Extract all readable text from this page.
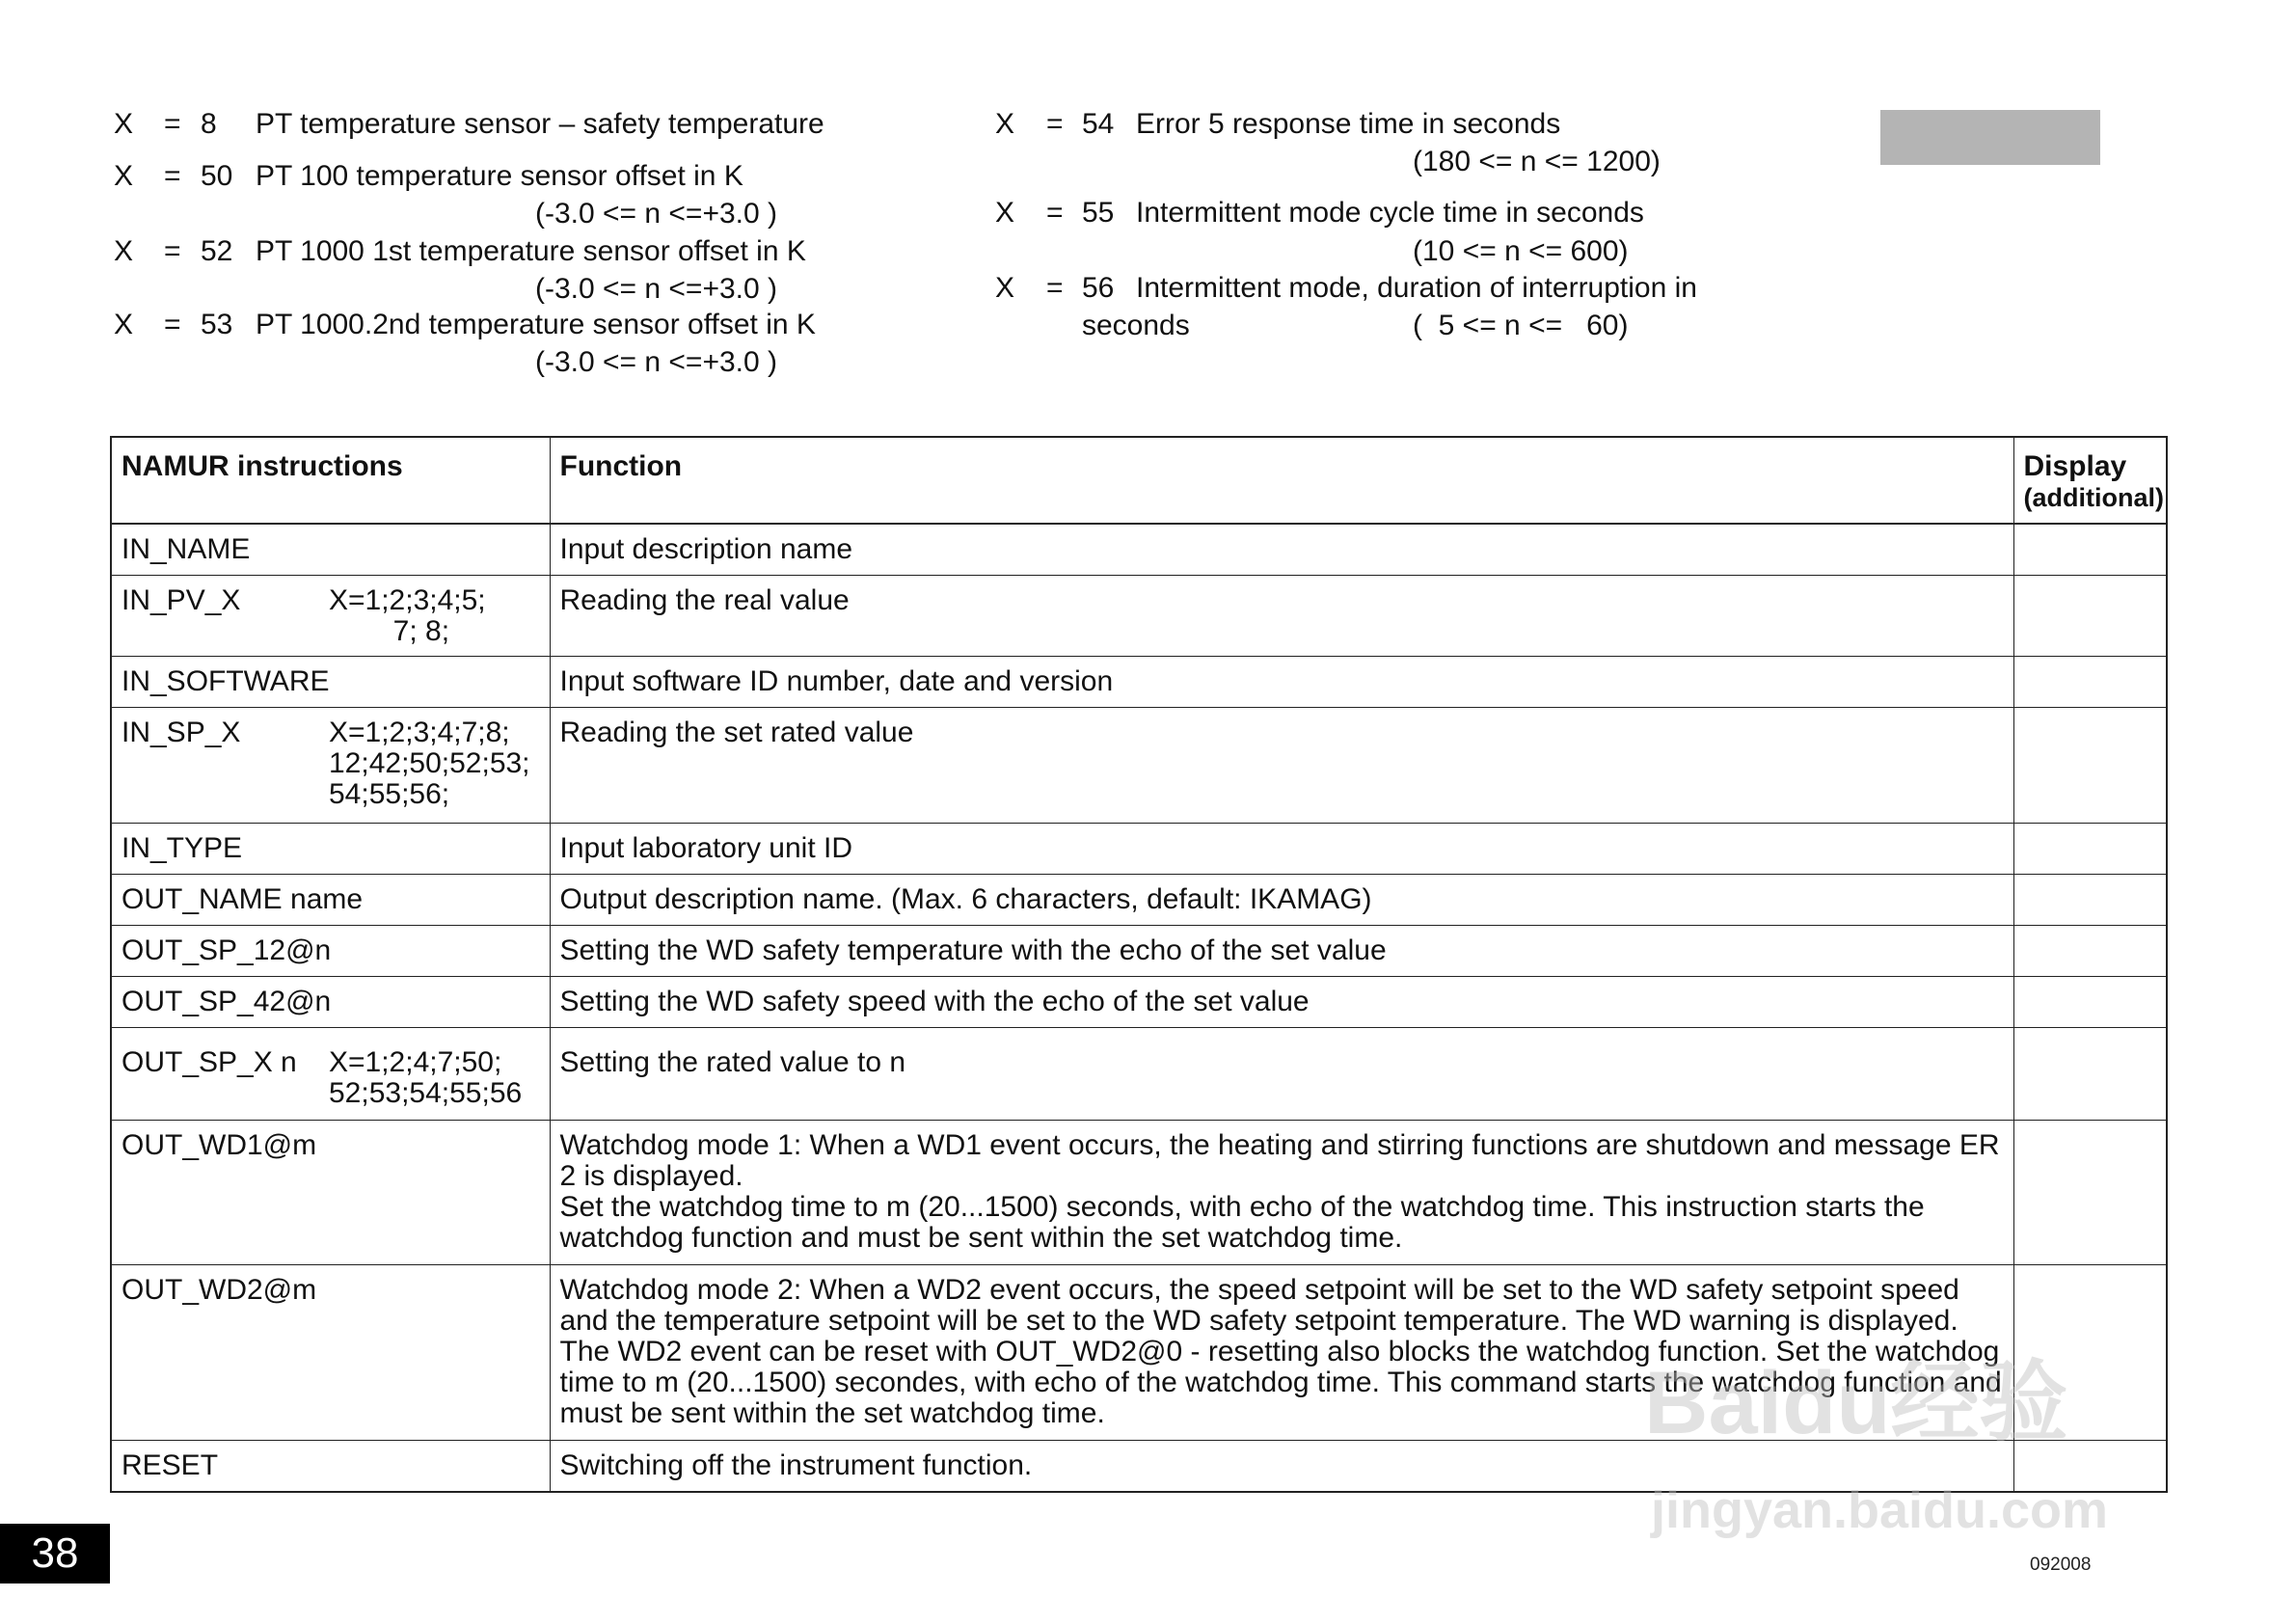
X = 8 PT temperature sensor – safety temperature
X = 50 PT 100 temperature sensor offset in K
(-3.0 <= n <=+3.0 )
X = 52 PT 1000 1st temperature sensor offset in K
(-3.0 <= n <=+3.0 )
X = 53 PT 1000.2nd temperature sensor offset in K
(-3.0 <= n <=+3.0 )
X = 54 Error 5 response time in seconds
(180 <= n <= 1200)
X = 55 Intermittent mode cycle time in seconds
(10 <= n <= 600)
X = 56 Intermittent mode, duration of interruption in
seconds	(  5 <= n <=   60)
NAMUR instructions	Function	Display
(additional)

IN_NAME	Input description name	

IN_PV_X X=1;2;3;4;5;
7; 8;	Reading the real value	
IN_SOFTWARE	Input software ID number, date and version	

IN_SP_X X=1;2;3;4;7;8;
12;42;50;52;53;
54;55;56;	Reading the set rated value	
IN_TYPE	Input laboratory unit ID	
OUT_NAME name	Output description name. (Max. 6 characters, default: IKAMAG)	
OUT_SP_12@n	Setting the WD safety temperature with the echo of the set value	
OUT_SP_42@n	Setting the WD safety speed with the echo of the set value	

OUT_SP_X n X=1;2;4;7;50;
52;53;54;55;56	Setting the rated value to n	
OUT_WD1@m	Watchdog mode 1: When a WD1 event occurs, the heating and stirring functions are shutdown and message ER 2 is displayed.
Set the watchdog time to m (20...1500) seconds, with echo of the watchdog time. This instruction starts the watchdog function and must be sent within the set watchdog time.	
OUT_WD2@m	Watchdog mode 2: When a WD2 event occurs, the speed setpoint will be set to the WD safety setpoint speed and the temperature setpoint will be set to the WD safety setpoint temperature. The WD warning is displayed.
The WD2 event can be reset with OUT_WD2@0 - resetting also blocks the watchdog function. Set the watchdog time to m (20...1500) secondes, with echo of the watchdog time. This command starts the watchdog function and must be sent within the set watchdog time.	
RESET	Switching off the instrument function.	
Baidu经验
jingyan.baidu.com
38	092008
